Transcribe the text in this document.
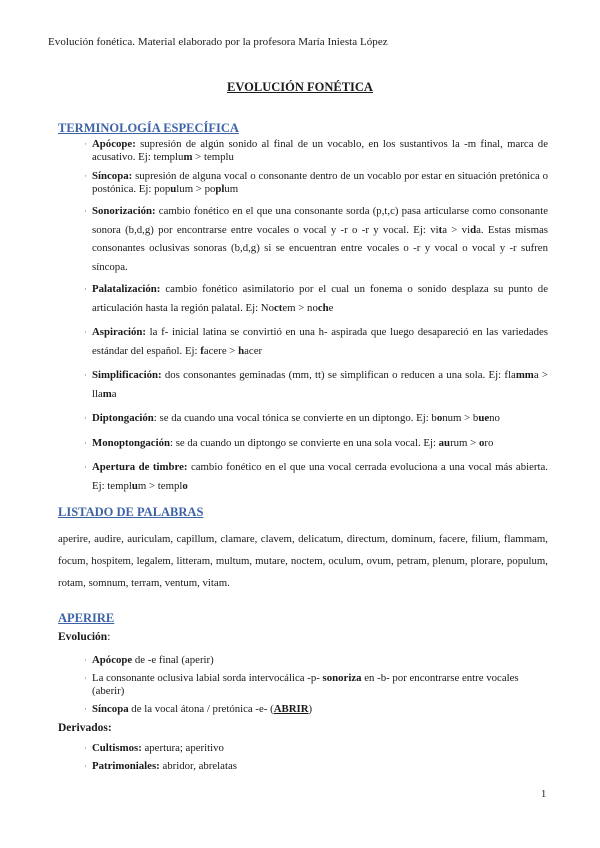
Evolución fonética. Material elaborado por la profesora María Iniesta López
EVOLUCIÓN FONÉTICA
TERMINOLOGÍA ESPECÍFICA
· Apócope: supresión de algún sonido al final de un vocablo, en los sustantivos la -m final, marca de acusativo. Ej: templum > templu
· Síncopa: supresión de alguna vocal o consonante dentro de un vocablo por estar en situación pretónica o postónica. Ej: populum > poplum
· Sonorización: cambio fonético en el que una consonante sorda (p,t,c) pasa articularse como consonante sonora (b,d,g) por encontrarse entre vocales o vocal y -r o -r y vocal. Ej: vita > vida. Estas mismas consonantes oclusivas sonoras (b,d,g) si se encuentran entre vocales o -r y vocal o vocal y -r sufren síncopa.
· Palatalización: cambio fonético asimilatorio por el cual un fonema o sonido desplaza su punto de articulación hasta la región palatal. Ej: Noctem > noche
· Aspiración: la f- inicial latina se convirtió en una h- aspirada que luego desapareció en las variedades estándar del español. Ej: facere > hacer
· Simplificación: dos consonantes geminadas (mm, tt) se simplifican o reducen a una sola. Ej: flamma > llama
· Diptongación: se da cuando una vocal tónica se convierte en un diptongo. Ej: bonum > bueno
· Monoptongación: se da cuando un diptongo se convierte en una sola vocal. Ej: aurum > oro
· Apertura de timbre: cambio fonético en el que una vocal cerrada evoluciona a una vocal más abierta. Ej: templum > templo
LISTADO DE PALABRAS
aperire, audire, auriculam, capillum, clamare, clavem, delicatum, directum, dominum, facere, filium, flammam, focum, hospitem, legalem, litteram, multum, mutare, noctem, oculum, ovum, petram, plenum, plorare, populum, rotam, somnum, terram, ventum, vitam.
APERIRE
Evolución:
· Apócope de -e final (aperir)
· La consonante oclusiva labial sorda intervocálica -p- sonoriza en -b- por encontrarse entre vocales (aberir)
· Síncopa de la vocal átona / pretónica -e- (ABRIR)
Derivados:
· Cultismos: apertura; aperitivo
· Patrimoniales: abridor, abrelatas
1
